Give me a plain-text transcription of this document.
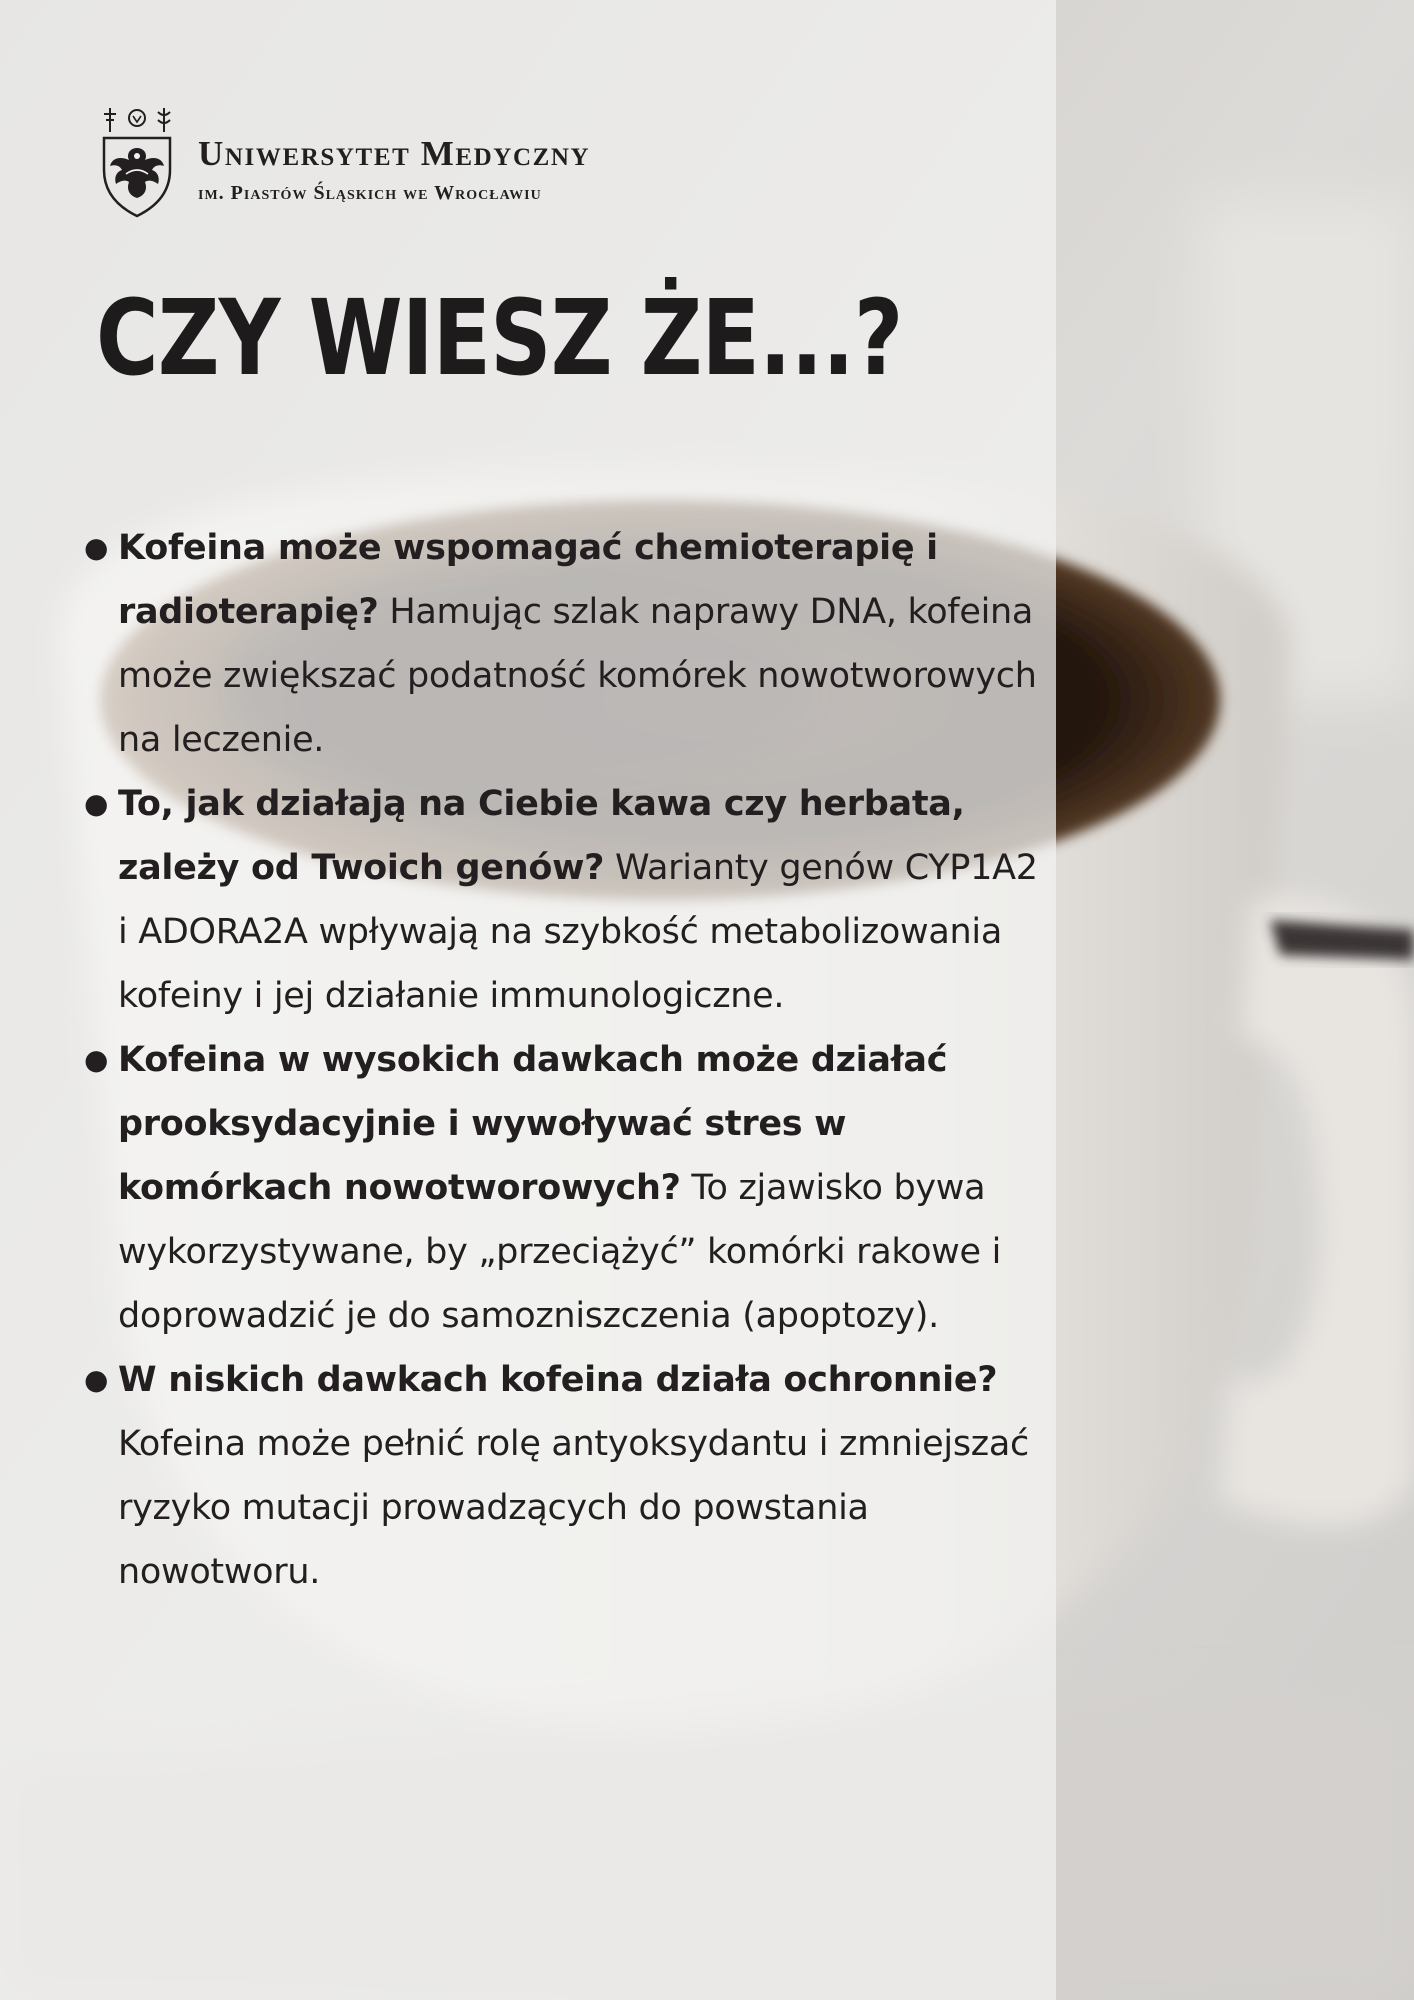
Uniwersytet Medyczny
im. Piastów Śląskich we Wrocławiu
CZY WIESZ ŻE...?
● Kofeina może wspomagać chemioterapię i radioterapię? Hamując szlak naprawy DNA, kofeina może zwiększać podatność komórek nowotworowych na leczenie.
● To, jak działają na Ciebie kawa czy herbata, zależy od Twoich genów? Warianty genów CYP1A2 i ADORA2A wpływają na szybkość metabolizowania kofeiny i jej działanie immunologiczne.
● Kofeina w wysokich dawkach może działać prooksydacyjnie i wywoływać stres w komórkach nowotworowych? To zjawisko bywa wykorzystywane, by „przeciążyć” komórki rakowe i doprowadzić je do samozniszczenia (apoptozy).
● W niskich dawkach kofeina działa ochronnie? Kofeina może pełnić rolę antyoksydantu i zmniejszać ryzyko mutacji prowadzących do powstania nowotworu.
